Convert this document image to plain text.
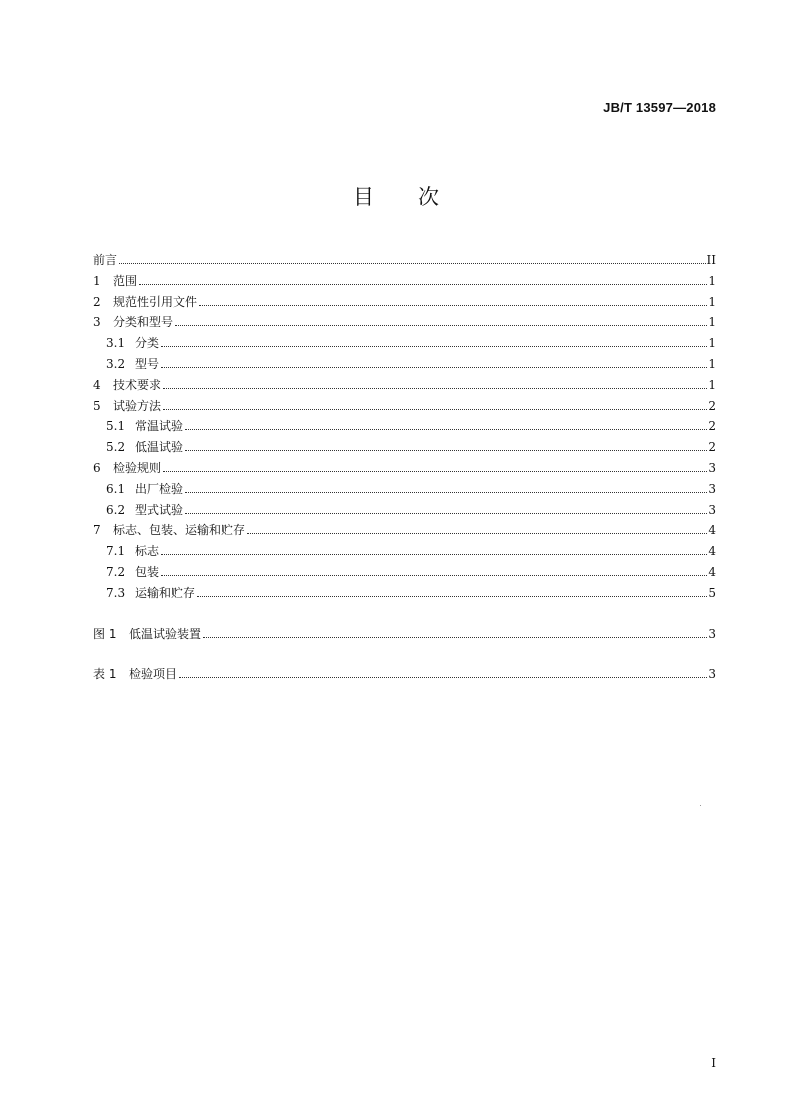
JB/T 13597—2018
目 次
前言	II
1	范围	1
2	规范性引用文件	1
3	分类和型号	1
3.1 分类	1
3.2 型号	1
4	技术要求	1
5	试验方法	2
5.1 常温试验	2
5.2 低温试验	2
6	检验规则	3
6.1 出厂检验	3
6.2 型式试验	3
7	标志、包装、运输和贮存	4
7.1 标志	4
7.2 包装	4
7.3 运输和贮存	5
图 1	低温试验装置	3
表 1	检验项目	3
I
